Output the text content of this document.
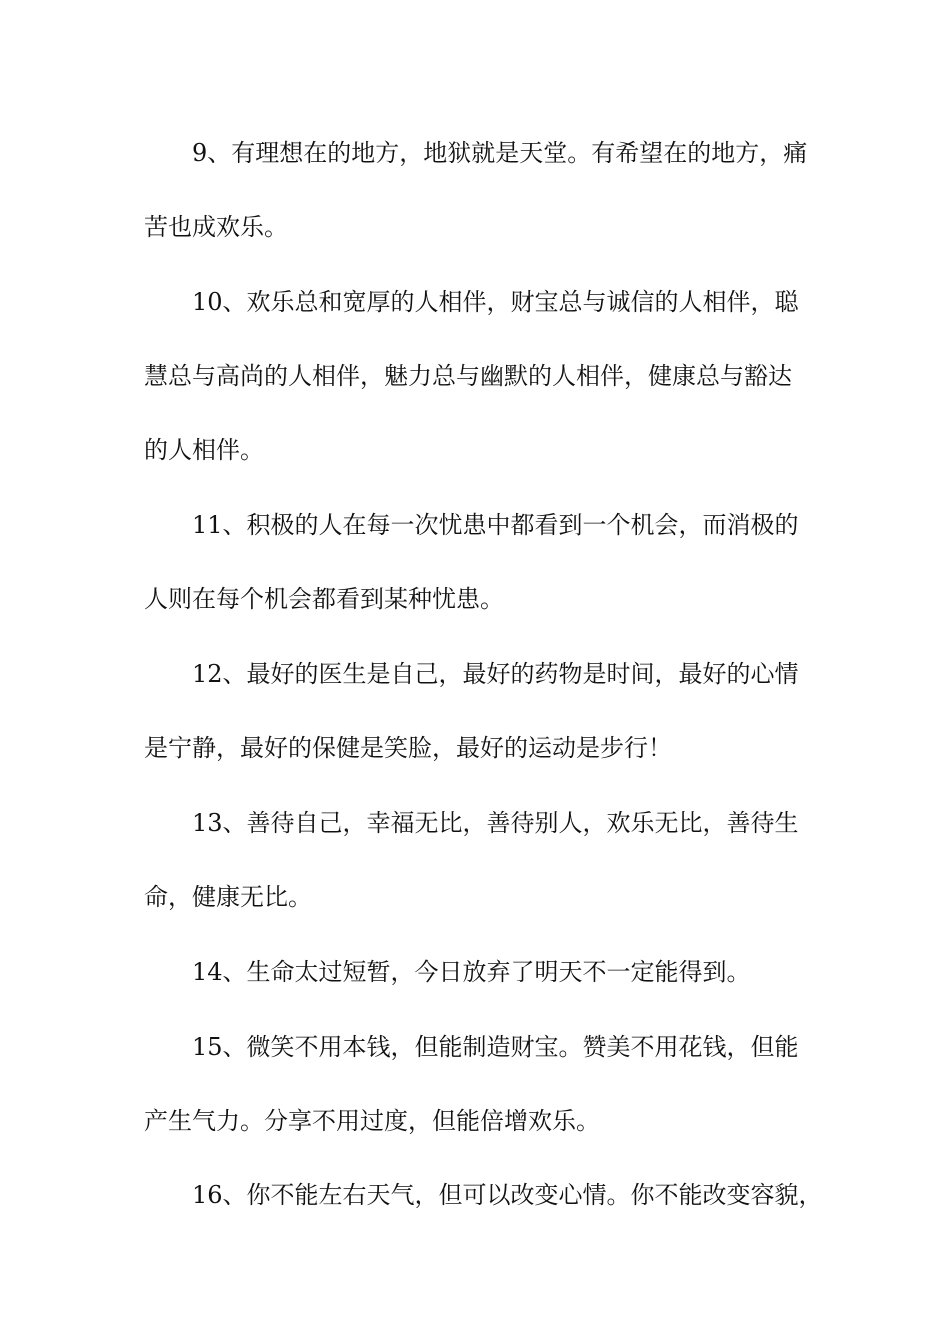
9、有理想在的地方，地狱就是天堂。有希望在的地方，痛
苦也成欢乐。
10、欢乐总和宽厚的人相伴，财宝总与诚信的人相伴，聪
慧总与高尚的人相伴，魅力总与幽默的人相伴，健康总与豁达
的人相伴。
11、积极的人在每一次忧患中都看到一个机会，而消极的
人则在每个机会都看到某种忧患。
12、最好的医生是自己，最好的药物是时间，最好的心情
是宁静，最好的保健是笑脸，最好的运动是步行！
13、善待自己，幸福无比，善待别人，欢乐无比，善待生
命，健康无比。
14、生命太过短暂，今日放弃了明天不一定能得到。
15、微笑不用本钱，但能制造财宝。赞美不用花钱，但能
产生气力。分享不用过度，但能倍增欢乐。
16、你不能左右天气，但可以改变心情。你不能改变容貌，
